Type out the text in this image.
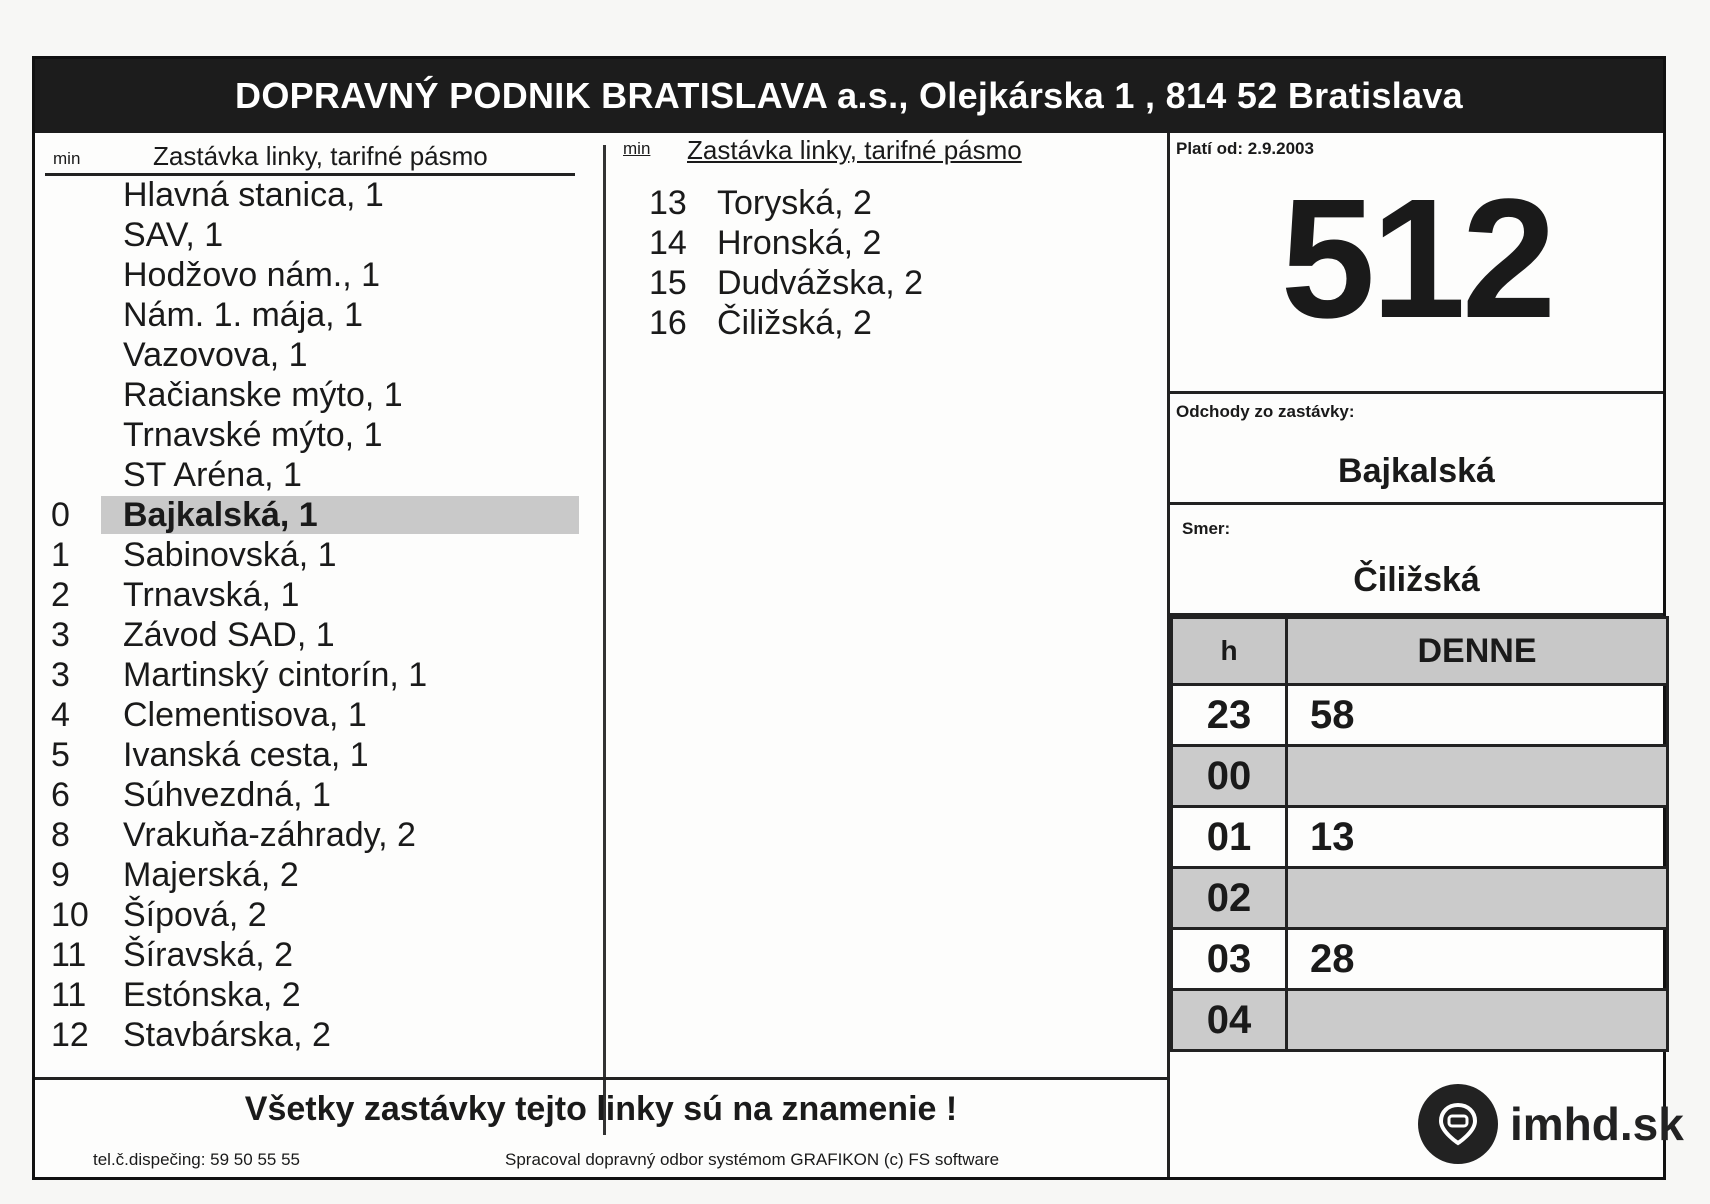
DOPRAVNÝ PODNIK BRATISLAVA a.s., Olejkárska 1 , 814 52 Bratislava
min	Zastávka linky, tarifné pásmo
Hlavná stanica, 1
SAV, 1
Hodžovo nám., 1
Nám. 1. mája, 1
Vazovova, 1
Račianske mýto, 1
Trnavské mýto, 1
ST Aréna, 1
0	Bajkalská, 1
1	Sabinovská, 1
2	Trnavská, 1
3	Závod SAD, 1
3	Martinský cintorín, 1
4	Clementisova, 1
5	Ivanská cesta, 1
6	Súhvezdná, 1
8	Vrakuňa-záhrady, 2
9	Majerská, 2
10	Šípová, 2
11	Šíravská, 2
11	Estónska, 2
12	Stavbárska, 2
min Zastávka linky, tarifné pásmo
13 Toryská, 2
14 Hronská, 2
15 Dudvážska, 2
16 Čiližská, 2
Platí od: 2.9.2003
512
Odchody zo zastávky:
Bajkalská
Smer:
Čiližská
h	DENNE
23	58
00	
01	13
02	
03	28
04	
Všetky zastávky tejto linky sú na znamenie !
tel.č.dispečing: 59 50 55 55	Spracoval dopravný odbor systémom GRAFIKON (c) FS software
imhd.sk
